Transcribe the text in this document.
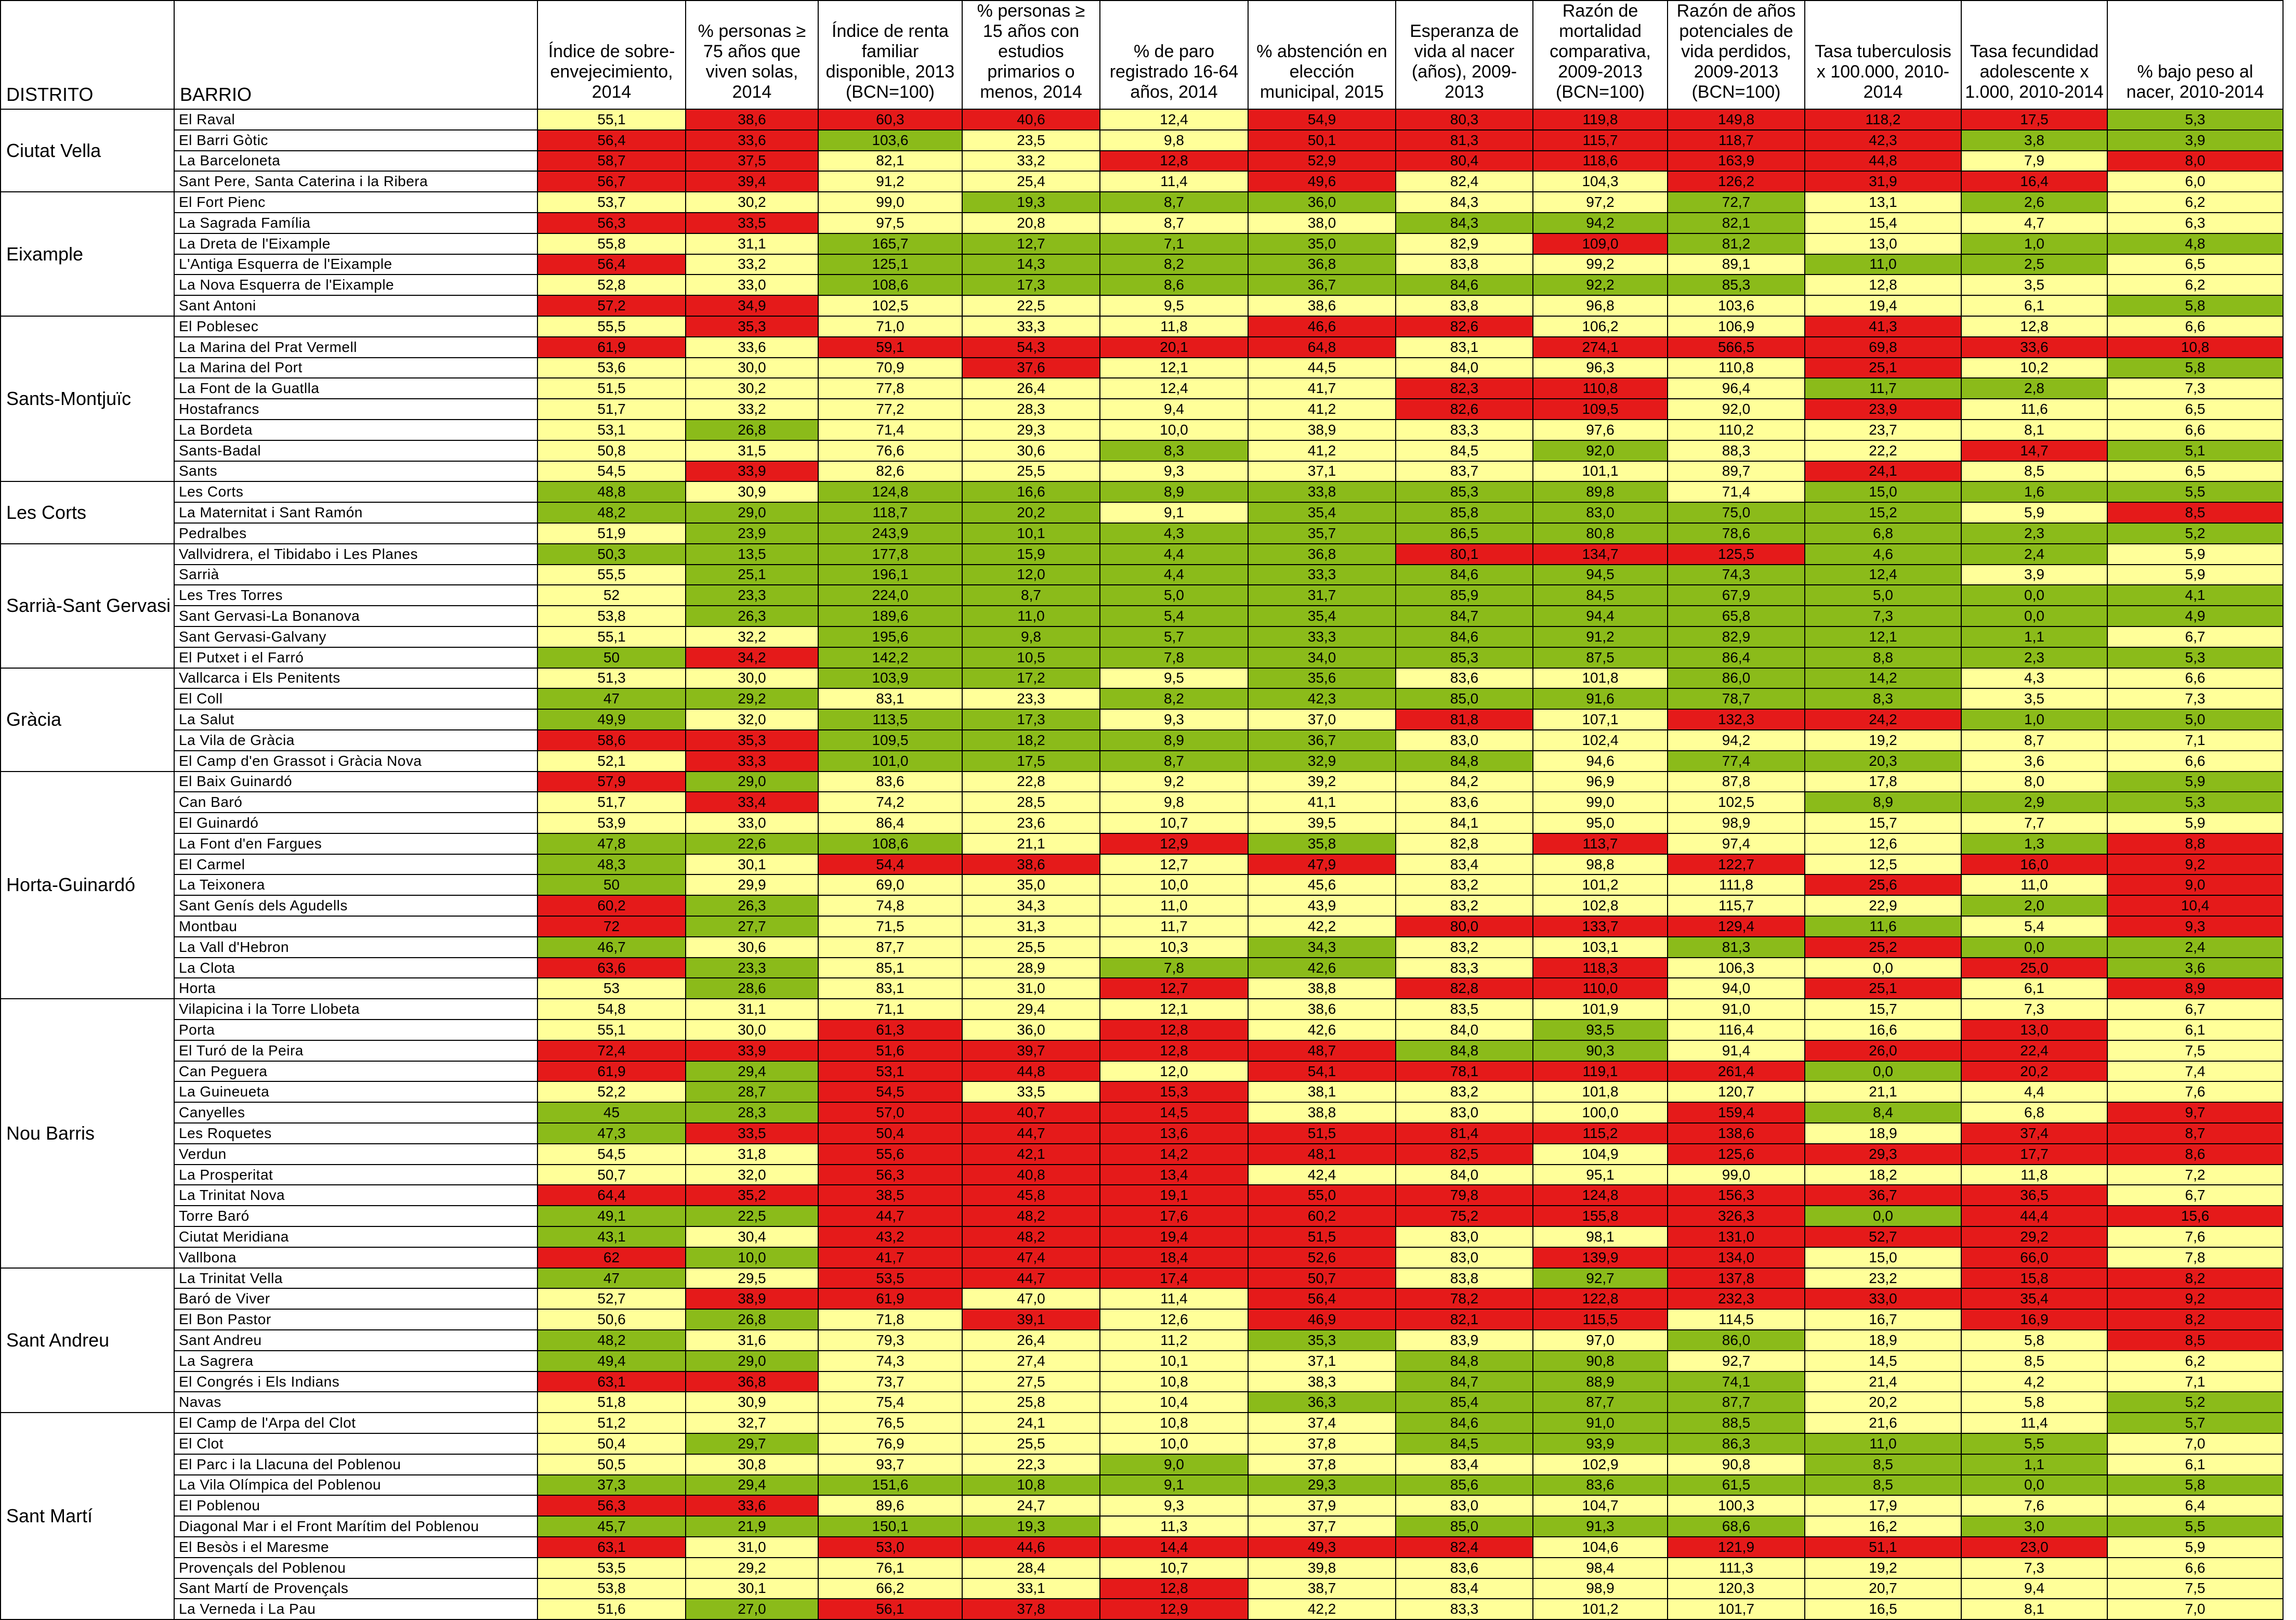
DISTRITO	BARRIO	Índice de sobre-envejecimiento, 2014	% personas ≥ 75 años que viven solas, 2014	Índice de renta familiar disponible, 2013 (BCN=100)	% personas ≥ 15 años con estudios primarios o menos, 2014	% de paro registrado 16-64 años, 2014	% abstención en elección municipal, 2015	Esperanza de vida al nacer (años), 2009-2013	Razón de mortalidad comparativa, 2009-2013 (BCN=100)	Razón de años potenciales de vida perdidos, 2009-2013 (BCN=100)	Tasa tuberculosis x 100.000, 2010-2014	Tasa fecundidad adolescente x 1.000, 2010-2014	% bajo peso al nacer, 2010-2014
Ciutat Vella	El Raval	55,1	38,6	60,3	40,6	12,4	54,9	80,3	119,8	149,8	118,2	17,5	5,3
	El Barri Gòtic	56,4	33,6	103,6	23,5	9,8	50,1	81,3	115,7	118,7	42,3	3,8	3,9
	La Barceloneta	58,7	37,5	82,1	33,2	12,8	52,9	80,4	118,6	163,9	44,8	7,9	8,0
	Sant Pere, Santa Caterina i la Ribera	56,7	39,4	91,2	25,4	11,4	49,6	82,4	104,3	126,2	31,9	16,4	6,0
Eixample	El Fort Pienc	53,7	30,2	99,0	19,3	8,7	36,0	84,3	97,2	72,7	13,1	2,6	6,2
	La Sagrada Família	56,3	33,5	97,5	20,8	8,7	38,0	84,3	94,2	82,1	15,4	4,7	6,3
	La Dreta de l'Eixample	55,8	31,1	165,7	12,7	7,1	35,0	82,9	109,0	81,2	13,0	1,0	4,8
	L'Antiga Esquerra de l'Eixample	56,4	33,2	125,1	14,3	8,2	36,8	83,8	99,2	89,1	11,0	2,5	6,5
	La Nova Esquerra de l'Eixample	52,8	33,0	108,6	17,3	8,6	36,7	84,6	92,2	85,3	12,8	3,5	6,2
	Sant Antoni	57,2	34,9	102,5	22,5	9,5	38,6	83,8	96,8	103,6	19,4	6,1	5,8
Sants-Montjuïc	El Poblesec	55,5	35,3	71,0	33,3	11,8	46,6	82,6	106,2	106,9	41,3	12,8	6,6
	La Marina del Prat Vermell	61,9	33,6	59,1	54,3	20,1	64,8	83,1	274,1	566,5	69,8	33,6	10,8
	La Marina del Port	53,6	30,0	70,9	37,6	12,1	44,5	84,0	96,3	110,8	25,1	10,2	5,8
	La Font de la Guatlla	51,5	30,2	77,8	26,4	12,4	41,7	82,3	110,8	96,4	11,7	2,8	7,3
	Hostafrancs	51,7	33,2	77,2	28,3	9,4	41,2	82,6	109,5	92,0	23,9	11,6	6,5
	La Bordeta	53,1	26,8	71,4	29,3	10,0	38,9	83,3	97,6	110,2	23,7	8,1	6,6
	Sants-Badal	50,8	31,5	76,6	30,6	8,3	41,2	84,5	92,0	88,3	22,2	14,7	5,1
	Sants	54,5	33,9	82,6	25,5	9,3	37,1	83,7	101,1	89,7	24,1	8,5	6,5
Les Corts	Les Corts	48,8	30,9	124,8	16,6	8,9	33,8	85,3	89,8	71,4	15,0	1,6	5,5
	La Maternitat i Sant Ramón	48,2	29,0	118,7	20,2	9,1	35,4	85,8	83,0	75,0	15,2	5,9	8,5
	Pedralbes	51,9	23,9	243,9	10,1	4,3	35,7	86,5	80,8	78,6	6,8	2,3	5,2
Sarrià-Sant Gervasi	Vallvidrera, el Tibidabo i Les Planes	50,3	13,5	177,8	15,9	4,4	36,8	80,1	134,7	125,5	4,6	2,4	5,9
	Sarrià	55,5	25,1	196,1	12,0	4,4	33,3	84,6	94,5	74,3	12,4	3,9	5,9
	Les Tres Torres	52	23,3	224,0	8,7	5,0	31,7	85,9	84,5	67,9	5,0	0,0	4,1
	Sant Gervasi-La Bonanova	53,8	26,3	189,6	11,0	5,4	35,4	84,7	94,4	65,8	7,3	0,0	4,9
	Sant Gervasi-Galvany	55,1	32,2	195,6	9,8	5,7	33,3	84,6	91,2	82,9	12,1	1,1	6,7
	El Putxet i el Farró	50	34,2	142,2	10,5	7,8	34,0	85,3	87,5	86,4	8,8	2,3	5,3
Gràcia	Vallcarca i Els Penitents	51,3	30,0	103,9	17,2	9,5	35,6	83,6	101,8	86,0	14,2	4,3	6,6
	El Coll	47	29,2	83,1	23,3	8,2	42,3	85,0	91,6	78,7	8,3	3,5	7,3
	La Salut	49,9	32,0	113,5	17,3	9,3	37,0	81,8	107,1	132,3	24,2	1,0	5,0
	La Vila de Gràcia	58,6	35,3	109,5	18,2	8,9	36,7	83,0	102,4	94,2	19,2	8,7	7,1
	El Camp d'en Grassot i Gràcia Nova	52,1	33,3	101,0	17,5	8,7	32,9	84,8	94,6	77,4	20,3	3,6	6,6
Horta-Guinardó	El Baix Guinardó	57,9	29,0	83,6	22,8	9,2	39,2	84,2	96,9	87,8	17,8	8,0	5,9
	Can Baró	51,7	33,4	74,2	28,5	9,8	41,1	83,6	99,0	102,5	8,9	2,9	5,3
	El Guinardó	53,9	33,0	86,4	23,6	10,7	39,5	84,1	95,0	98,9	15,7	7,7	5,9
	La Font d'en Fargues	47,8	22,6	108,6	21,1	12,9	35,8	82,8	113,7	97,4	12,6	1,3	8,8
	El Carmel	48,3	30,1	54,4	38,6	12,7	47,9	83,4	98,8	122,7	12,5	16,0	9,2
	La Teixonera	50	29,9	69,0	35,0	10,0	45,6	83,2	101,2	111,8	25,6	11,0	9,0
	Sant Genís dels Agudells	60,2	26,3	74,8	34,3	11,0	43,9	83,2	102,8	115,7	22,9	2,0	10,4
	Montbau	72	27,7	71,5	31,3	11,7	42,2	80,0	133,7	129,4	11,6	5,4	9,3
	La Vall d'Hebron	46,7	30,6	87,7	25,5	10,3	34,3	83,2	103,1	81,3	25,2	0,0	2,4
	La Clota	63,6	23,3	85,1	28,9	7,8	42,6	83,3	118,3	106,3	0,0	25,0	3,6
	Horta	53	28,6	83,1	31,0	12,7	38,8	82,8	110,0	94,0	25,1	6,1	8,9
Nou Barris	Vilapicina i la Torre Llobeta	54,8	31,1	71,1	29,4	12,1	38,6	83,5	101,9	91,0	15,7	7,3	6,7
	Porta	55,1	30,0	61,3	36,0	12,8	42,6	84,0	93,5	116,4	16,6	13,0	6,1
	El Turó de la Peira	72,4	33,9	51,6	39,7	12,8	48,7	84,8	90,3	91,4	26,0	22,4	7,5
	Can Peguera	61,9	29,4	53,1	44,8	12,0	54,1	78,1	119,1	261,4	0,0	20,2	7,4
	La Guineueta	52,2	28,7	54,5	33,5	15,3	38,1	83,2	101,8	120,7	21,1	4,4	7,6
	Canyelles	45	28,3	57,0	40,7	14,5	38,8	83,0	100,0	159,4	8,4	6,8	9,7
	Les Roquetes	47,3	33,5	50,4	44,7	13,6	51,5	81,4	115,2	138,6	18,9	37,4	8,7
	Verdun	54,5	31,8	55,6	42,1	14,2	48,1	82,5	104,9	125,6	29,3	17,7	8,6
	La Prosperitat	50,7	32,0	56,3	40,8	13,4	42,4	84,0	95,1	99,0	18,2	11,8	7,2
	La Trinitat Nova	64,4	35,2	38,5	45,8	19,1	55,0	79,8	124,8	156,3	36,7	36,5	6,7
	Torre Baró	49,1	22,5	44,7	48,2	17,6	60,2	75,2	155,8	326,3	0,0	44,4	15,6
	Ciutat Meridiana	43,1	30,4	43,2	48,2	19,4	51,5	83,0	98,1	131,0	52,7	29,2	7,6
	Vallbona	62	10,0	41,7	47,4	18,4	52,6	83,0	139,9	134,0	15,0	66,0	7,8
Sant Andreu	La Trinitat Vella	47	29,5	53,5	44,7	17,4	50,7	83,8	92,7	137,8	23,2	15,8	8,2
	Baró de Viver	52,7	38,9	61,9	47,0	11,4	56,4	78,2	122,8	232,3	33,0	35,4	9,2
	El Bon Pastor	50,6	26,8	71,8	39,1	12,6	46,9	82,1	115,5	114,5	16,7	16,9	8,2
	Sant Andreu	48,2	31,6	79,3	26,4	11,2	35,3	83,9	97,0	86,0	18,9	5,8	8,5
	La Sagrera	49,4	29,0	74,3	27,4	10,1	37,1	84,8	90,8	92,7	14,5	8,5	6,2
	El Congrés i Els Indians	63,1	36,8	73,7	27,5	10,8	38,3	84,7	88,9	74,1	21,4	4,2	7,1
	Navas	51,8	30,9	75,4	25,8	10,4	36,3	85,4	87,7	87,7	20,2	5,8	5,2
Sant Martí	El Camp de l'Arpa del Clot	51,2	32,7	76,5	24,1	10,8	37,4	84,6	91,0	88,5	21,6	11,4	5,7
	El Clot	50,4	29,7	76,9	25,5	10,0	37,8	84,5	93,9	86,3	11,0	5,5	7,0
	El Parc i la Llacuna del Poblenou	50,5	30,8	93,7	22,3	9,0	37,8	83,4	102,9	90,8	8,5	1,1	6,1
	La Vila Olímpica del Poblenou	37,3	29,4	151,6	10,8	9,1	29,3	85,6	83,6	61,5	8,5	0,0	5,8
	El Poblenou	56,3	33,6	89,6	24,7	9,3	37,9	83,0	104,7	100,3	17,9	7,6	6,4
	Diagonal Mar i el Front Marítim del Poblenou	45,7	21,9	150,1	19,3	11,3	37,7	85,0	91,3	68,6	16,2	3,0	5,5
	El Besòs i el Maresme	63,1	31,0	53,0	44,6	14,4	49,3	82,4	104,6	121,9	51,1	23,0	5,9
	Provençals del Poblenou	53,5	29,2	76,1	28,4	10,7	39,8	83,6	98,4	111,3	19,2	7,3	6,6
	Sant Martí de Provençals	53,8	30,1	66,2	33,1	12,8	38,7	83,4	98,9	120,3	20,7	9,4	7,5
	La Verneda i La Pau	51,6	27,0	56,1	37,8	12,9	42,2	83,3	101,2	101,7	16,5	8,1	7,0
